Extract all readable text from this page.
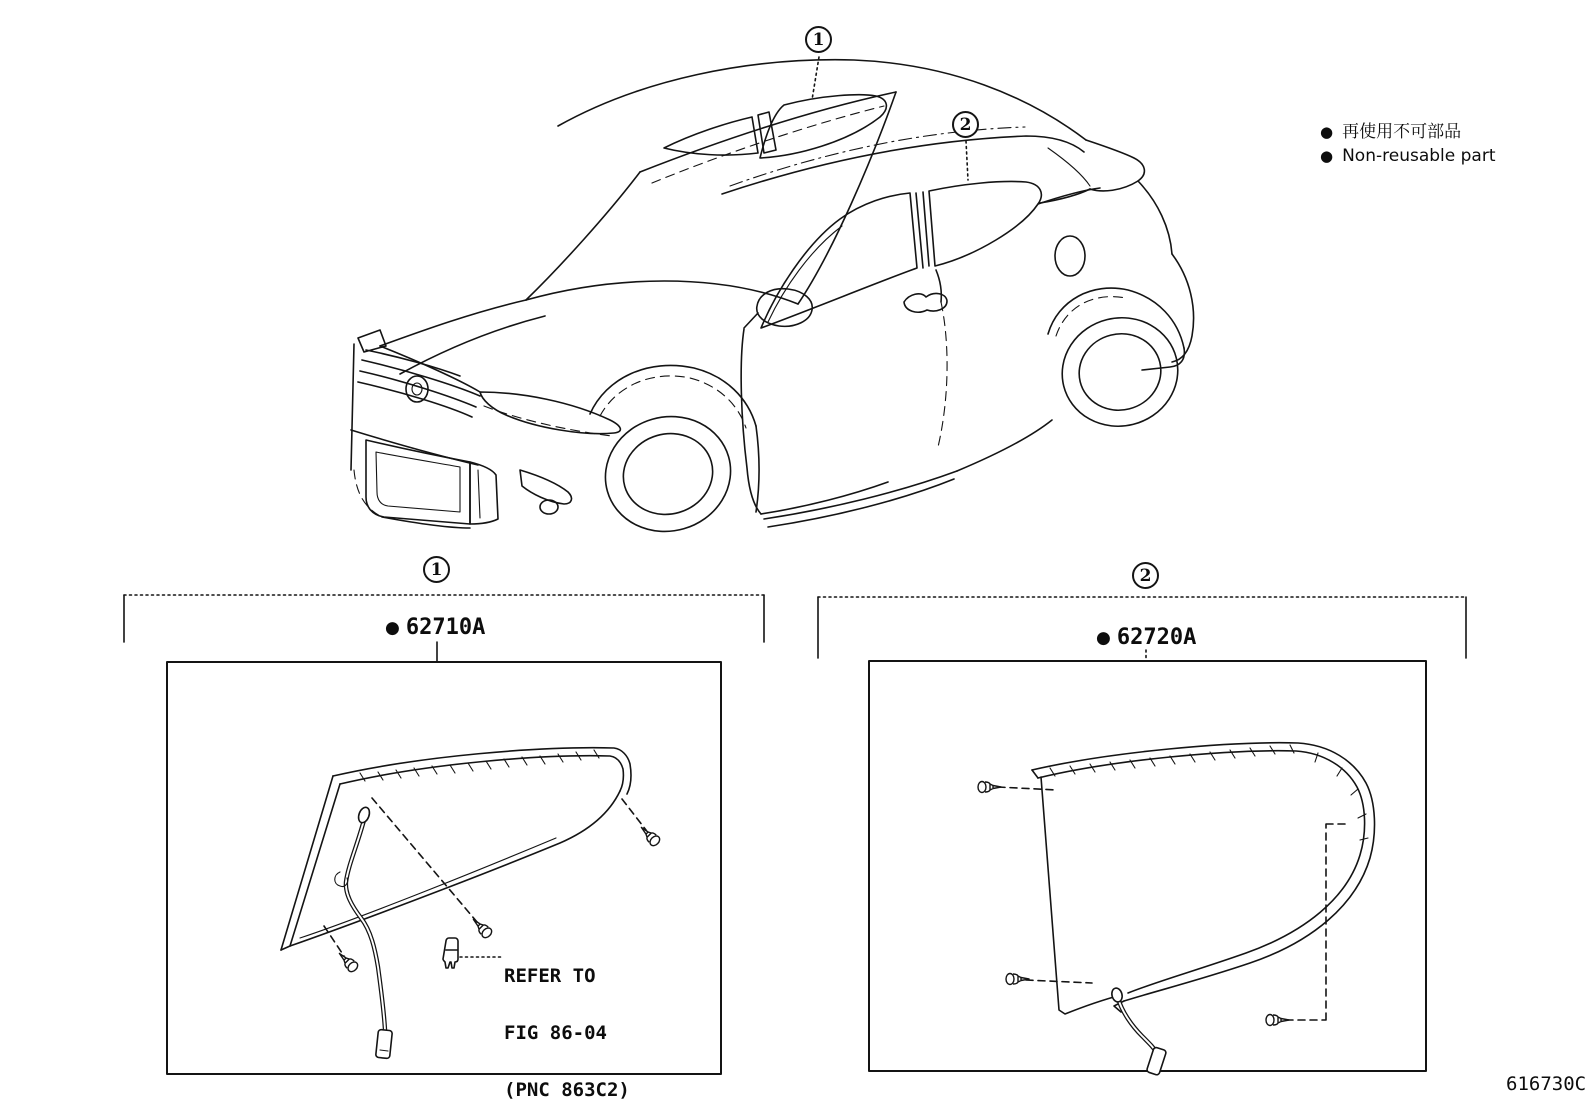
1
2	● 再使用不可部品
● Non-reusable part
1	2
● 62710A	● 62720A

REFER TO

FIG 86-04

(PNC 863C2)

	616730C
